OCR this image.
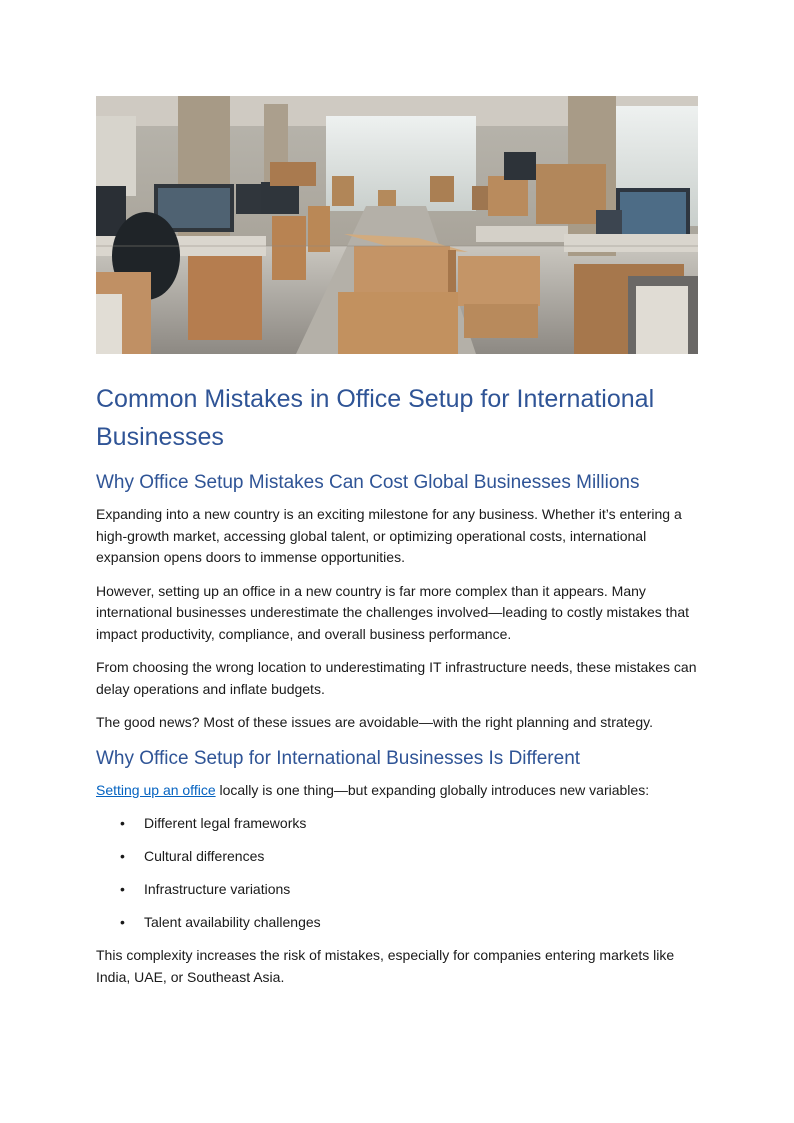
Common Mistakes in Office Setup for International Businesses
Why Office Setup Mistakes Can Cost Global Businesses Millions

Expanding into a new country is an exciting milestone for any business. Whether it’s entering a high-growth market, accessing global talent, or optimizing operational costs, international expansion opens doors to immense opportunities.

However, setting up an office in a new country is far more complex than it appears. Many international businesses underestimate the challenges involved—leading to costly mistakes that impact productivity, compliance, and overall business performance.

From choosing the wrong location to underestimating IT infrastructure needs, these mistakes can delay operations and inflate budgets.

The good news? Most of these issues are avoidable—with the right planning and strategy.

Why Office Setup for International Businesses Is Different

Setting up an office locally is one thing—but expanding globally introduces new variables:

• Different legal frameworks
• Cultural differences
• Infrastructure variations
• Talent availability challenges

This complexity increases the risk of mistakes, especially for companies entering markets like India, UAE, or Southeast Asia.
